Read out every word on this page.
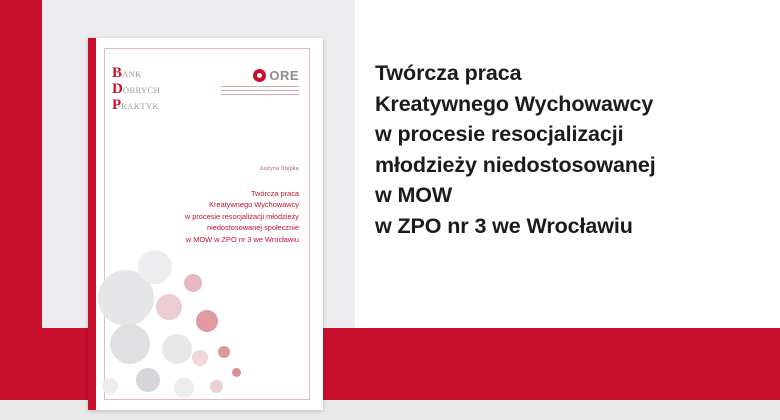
B ANK
D OBRYCH
P RAKTYK
ORE
Justyna Stępka
Twórcza praca
Kreatywnego Wychowawcy
w procesie resocjalizacji młodzieży
niedostosowanej społecznie
w MOW w ZPO nr 3 we Wrocławiu
Twórcza praca
Kreatywnego Wychowawcy
w procesie resocjalizacji
młodzieży niedostosowanej
w MOW
w ZPO nr 3 we Wrocławiu
